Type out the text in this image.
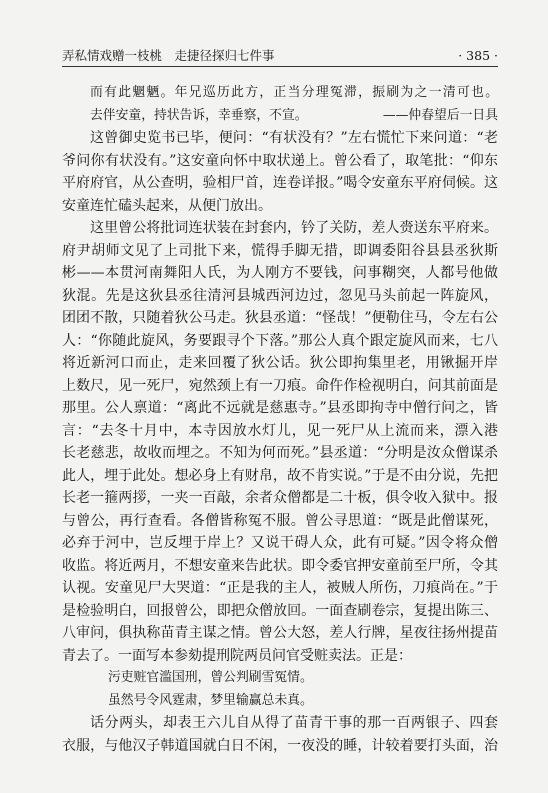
弄私情戏赠一枝桃　走捷径探归七件事	· 385 ·
而有此魍魉。年兄巡历此方，正当分理冤滞，振刷为之一清可也。
去伴安童，持状告诉，幸垂察，不宣。	——仲春望后一日具
这曾御史览书已毕，便问：“有状没有？”左右慌忙下来问道：“老
爷问你有状没有。”这安童向怀中取状递上。曾公看了，取笔批：“仰东
平府府官，从公查明，验相尸首，连卷详报。”喝令安童东平府伺候。这
安童连忙磕头起来，从便门放出。
这里曾公将批词连状装在封套内，钤了关防，差人赍送东平府来。
府尹胡师文见了上司批下来，慌得手脚无措，即调委阳谷县县丞狄斯
彬——本贯河南舞阳人氏，为人刚方不要钱，问事糊突，人都号他做
狄混。先是这狄县丞往清河县城西河边过，忽见马头前起一阵旋风，
团团不散，只随着狄公马走。狄县丞道：“怪哉！”便勒住马，令左右公
人：“你随此旋风，务要跟寻个下落。”那公人真个跟定旋风而来，七八
将近新河口而止，走来回覆了狄公话。狄公即拘集里老，用锹掘开岸
上数尺，见一死尸，宛然颈上有一刀痕。命仵作检视明白，问其前面是
那里。公人禀道：“离此不远就是慈惠寺。”县丞即拘寺中僧行问之，皆
言：“去冬十月中，本寺因放水灯儿，见一死尸从上流而来，漂入港
长老慈悲，故收而埋之。不知为何而死。”县丞道：“分明是汝众僧谋杀
此人，埋于此处。想必身上有财帛，故不肯实说。”于是不由分说，先把
长老一箍两拶，一夹一百敲，余者众僧都是二十板，俱令收入狱中。报
与曾公，再行查看。各僧皆称冤不服。曾公寻思道：“既是此僧谋死，
必弃于河中，岂反埋于岸上？又说干碍人众，此有可疑。”因令将众僧
收监。将近两月，不想安童来告此状。即令委官押安童前至尸所，令其
认视。安童见尸大哭道：“正是我的主人，被贼人所伤，刀痕尚在。”于
是检验明白，回报曾公，即把众僧放回。一面查刷卷宗，复提出陈三、
八审问，俱执称苗青主谋之情。曾公大怒，差人行牌，星夜往扬州提苗
青去了。一面写本参劾提刑院两员问官受赃卖法。正是：
污吏赃官滥国刑，曾公判刷雪冤情。
虽然号令风霆肃，梦里输赢总未真。
话分两头，却表王六儿自从得了苗青干事的那一百两银子、四套
衣服，与他汉子韩道国就白日不闲，一夜没的睡，计较着要打头面，治
